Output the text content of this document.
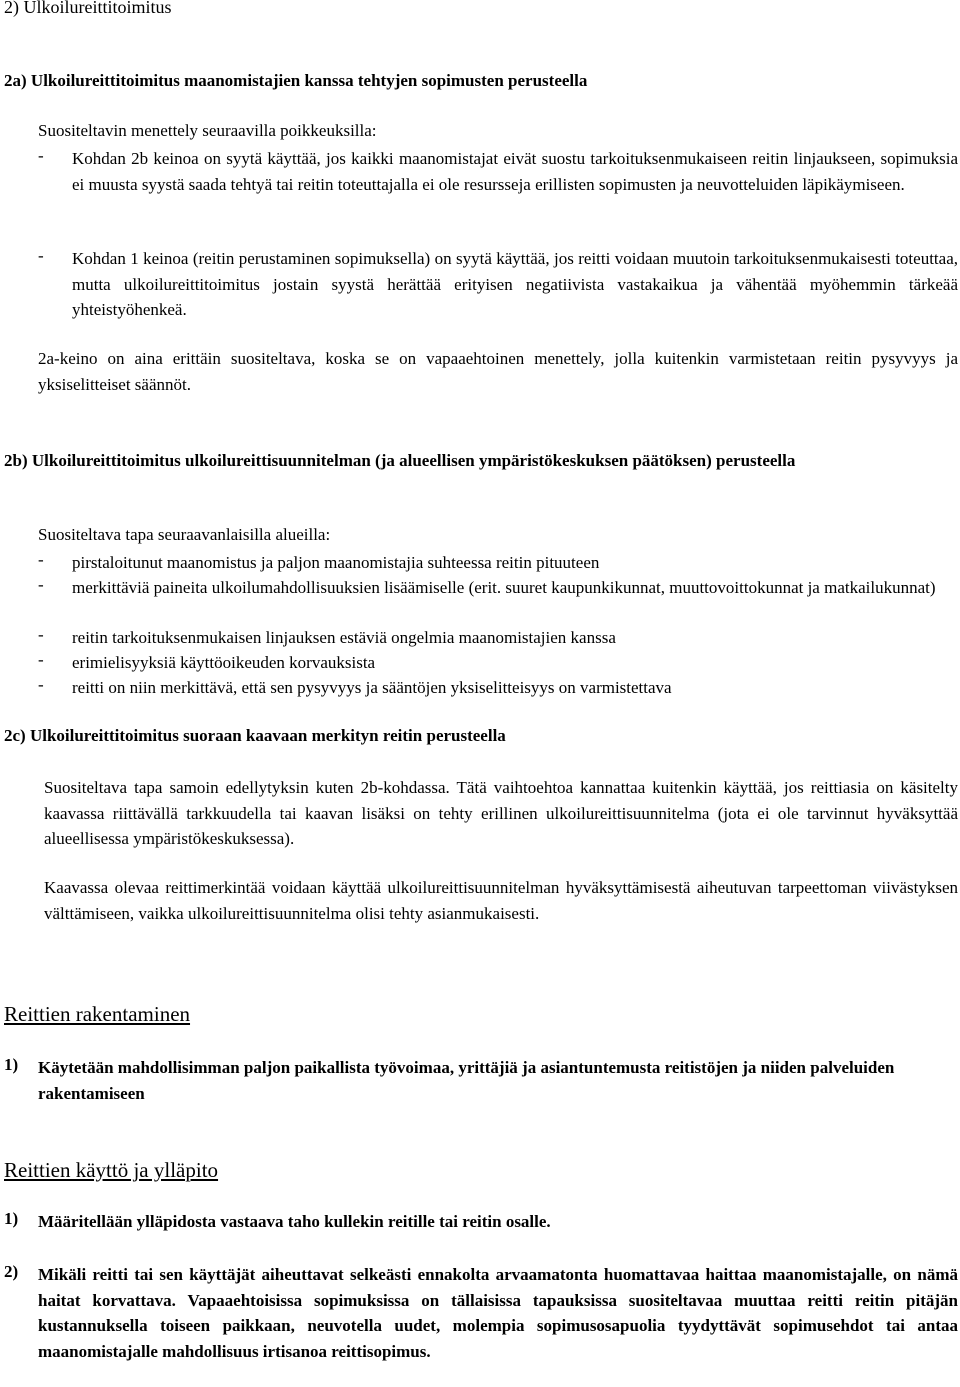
2) Ulkoilureittitoimitus
2a) Ulkoilureittitoimitus maanomistajien kanssa tehtyjen sopimusten perusteella
Suositeltavin menettely seuraavilla poikkeuksilla:
- Kohdan 2b keinoa on syytä käyttää, jos kaikki maanomistajat eivät suostu tarkoituksenmukaiseen reitin linjaukseen, sopimuksia ei muusta syystä saada tehtyä tai reitin toteuttajalla ei ole resursseja erillisten sopimusten ja neuvotteluiden läpikäymiseen.

- Kohdan 1 keinoa (reitin perustaminen sopimuksella) on syytä käyttää, jos reitti voidaan muutoin tarkoituksenmukaisesti toteuttaa, mutta ulkoilureittitoimitus jostain syystä herättää erityisen negatiivista vastakaikua ja vähentää myöhemmin tärkeää yhteistyöhenkeä.

2a-keino on aina erittäin suositeltava, koska se on vapaaehtoinen menettely, jolla kuitenkin varmistetaan reitin pysyvyys ja yksiselitteiset säännöt.

2b) Ulkoilureittitoimitus ulkoilureittisuunnitelman (ja alueellisen ympäristökeskuksen päätöksen) perusteella

Suositeltava tapa seuraavanlaisilla alueilla:
- pirstaloitunut maanomistus ja paljon maanomistajia suhteessa reitin pituuteen

- merkittäviä paineita ulkoilumahdollisuuksien lisäämiselle (erit. suuret kaupunkikunnat, muuttovoittokunnat ja matkailukunnat)

- reitin tarkoituksenmukaisen linjauksen estäviä ongelmia maanomistajien kanssa

- erimielisyyksiä käyttöoikeuden korvauksista

- reitti on niin merkittävä, että sen pysyvyys ja sääntöjen yksiselitteisyys on varmistettava

2c) Ulkoilureittitoimitus suoraan kaavaan merkityn reitin perusteella

Suositeltava tapa samoin edellytyksin kuten 2b-kohdassa. Tätä vaihtoehtoa kannattaa kuitenkin käyttää, jos reittiasia on käsitelty kaavassa riittävällä tarkkuudella tai kaavan lisäksi on tehty erillinen ulkoilureittisuunnitelma (jota ei ole tarvinnut hyväksyttää alueellisessa ympäristökeskuksessa).

Kaavassa olevaa reittimerkintää voidaan käyttää ulkoilureittisuunnitelman hyväksyttämisestä aiheutuvan tarpeettoman viivästyksen välttämiseen, vaikka ulkoilureittisuunnitelma olisi tehty asianmukaisesti.

Reittien rakentaminen
1) Käytetään mahdollisimman paljon paikallista työvoimaa, yrittäjiä ja asiantuntemusta reitistöjen ja niiden palveluiden rakentamiseen

Reittien käyttö ja ylläpito
1) Määritellään ylläpidosta vastaava taho kullekin reitille tai reitin osalle.

2) Mikäli reitti tai sen käyttäjät aiheuttavat selkeästi ennakolta arvaamatonta huomattavaa haittaa maanomistajalle, on nämä haitat korvattava. Vapaaehtoisissa sopimuksissa on tällaisissa tapauksissa suositeltavaa muuttaa reitti reitin pitäjän kustannuksella toiseen paikkaan, neuvotella uudet, molempia sopimusosapuolia tyydyttävät sopimusehdot tai antaa maanomistajalle mahdollisuus irtisanoa reittisopimus.
